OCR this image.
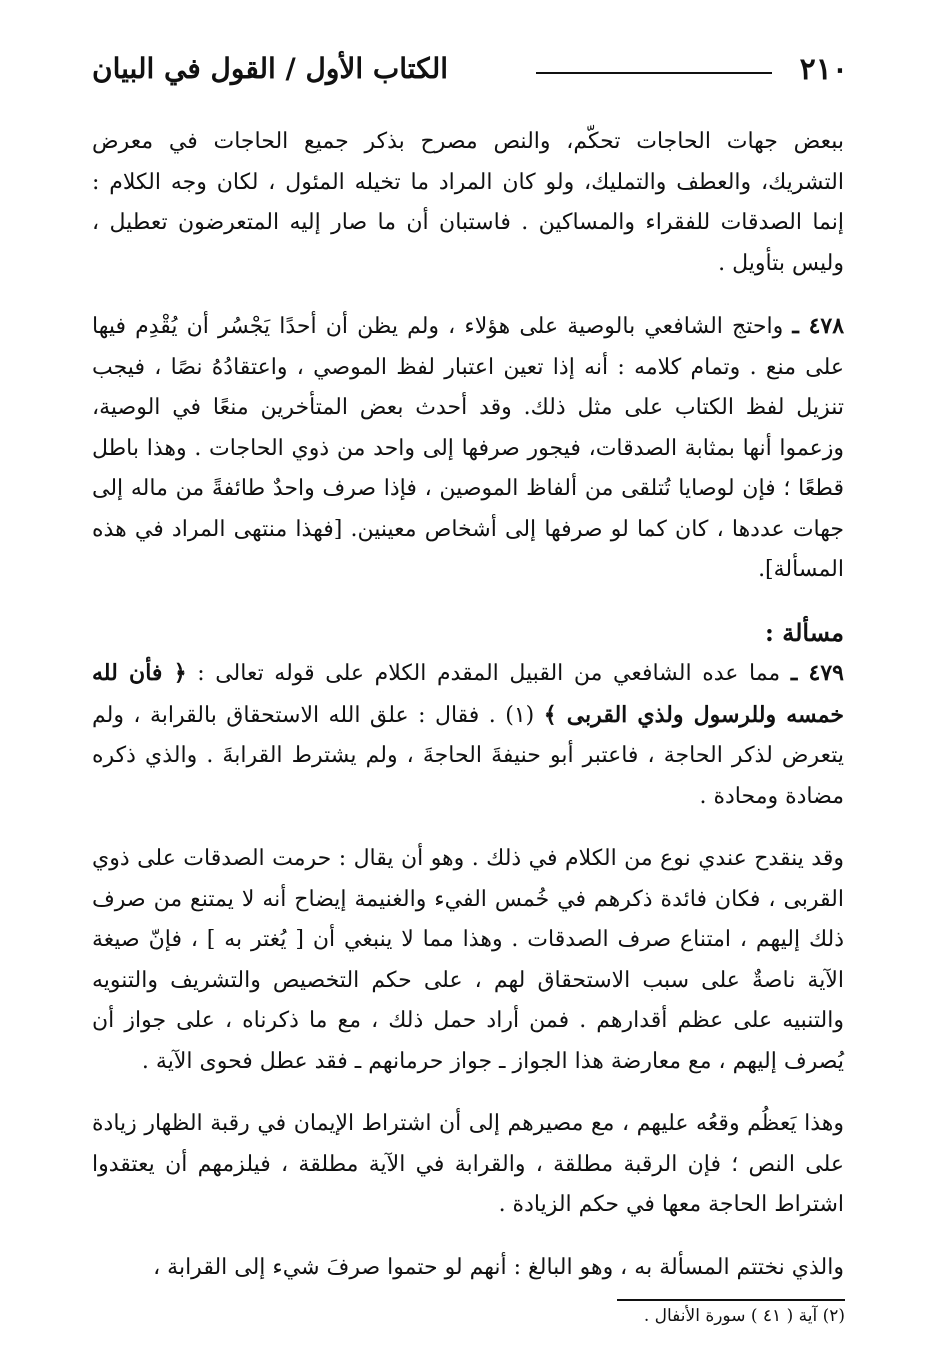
٢١٠
الكتاب الأول / القول في البيان

ببعض جهات الحاجات تحكّم، والنص مصرح بذكر جميع الحاجات في معرض التشريك، والعطف والتمليك، ولو كان المراد ما تخيله المئول ، لكان وجه الكلام : إنما الصدقات للفقراء والمساكين . فاستبان أن ما صار إليه المتعرضون تعطيل ، وليس بتأويل .

٤٧٨ ـ واحتج الشافعي بالوصية على هؤلاء ، ولم يظن أن أحدًا يَجْسُر أن يُقْدِم فيها على منع . وتمام كلامه : أنه إذا تعين اعتبار لفظ الموصي ، واعتقادُهُ نصًا ، فيجب تنزيل لفظ الكتاب على مثل ذلك. وقد أحدث بعض المتأخرين منعًا في الوصية، وزعموا أنها بمثابة الصدقات، فيجور صرفها إلى واحد من ذوي الحاجات . وهذا باطل قطعًا ؛ فإن لوصايا تُتلقى من ألفاظ الموصين ، فإذا صرف واحدٌ طائفةً من ماله إلى جهات عددها ، كان كما لو صرفها إلى أشخاص معينين. [فهذا منتهى المراد في هذه المسألة].

مسألة :

٤٧٩ ـ مما عده الشافعي من القبيل المقدم الكلام على قوله تعالى : ﴿ فأن لله خمسه وللرسول ولذي القربى ﴾ (١) . فقال : علق الله الاستحقاق بالقرابة ، ولم يتعرض لذكر الحاجة ، فاعتبر أبو حنيفةَ الحاجةَ ، ولم يشترط القرابةَ . والذي ذكره مضادة ومحادة .

وقد ينقدح عندي نوع من الكلام في ذلك . وهو أن يقال : حرمت الصدقات على ذوي القربى ، فكان فائدة ذكرهم في خُمس الفيء والغنيمة إيضاح أنه لا يمتنع من صرف ذلك إليهم ، امتناع صرف الصدقات . وهذا مما لا ينبغي أن [ يُغتر به ] ، فإنّ صيغة الآية ناصةٌ على سبب الاستحقاق لهم ، على حكم التخصيص والتشريف والتنويه والتنبيه على عظم أقدارهم . فمن أراد حمل ذلك ، مع ما ذكرناه ، على جواز أن يُصرف إليهم ، مع معارضة هذا الجواز ـ جواز حرمانهم ـ فقد عطل فحوى الآية .

وهذا يَعظُم وقعُه عليهم ، مع مصيرهم إلى أن اشتراط الإيمان في رقبة الظهار زيادة على النص ؛ فإن الرقبة مطلقة ، والقرابة في الآية مطلقة ، فيلزمهم أن يعتقدوا اشتراط الحاجة معها في حكم الزيادة .

والذي نختتم المسألة به ، وهو البالغ : أنهم لو حتموا صرفَ شيء إلى القرابة ،

(٢) آية ( ٤١ ) سورة الأنفال .
